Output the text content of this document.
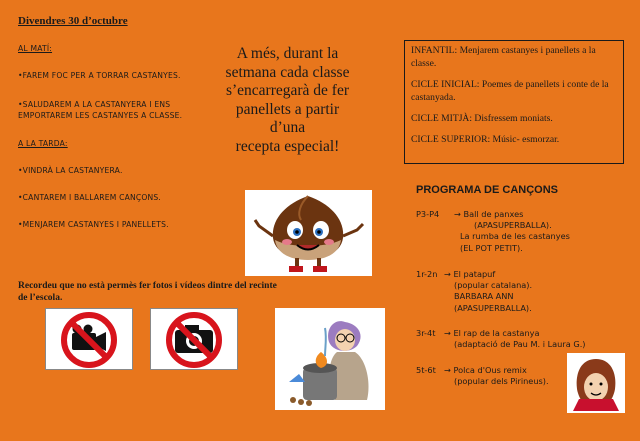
Divendres 30 d’octubre
AL MATÍ:
•FAREM FOC PER A TORRAR CASTANYES.
•SALUDAREM A LA CASTANYERA I ENS EMPORTAREM LES CASTANYES A CLASSE.
A LA TARDA:
•VINDRÀ LA CASTANYERA.
•CANTAREM I BALLAREM CANÇONS.
•MENJAREM CASTANYES I PANELLETS.
Recordeu que no està permès fer fotos i vídeos dintre del recinte de l’escola.
A més, durant la
setmana cada classe
s’encarregarà de fer
panellets a partir
d’una
recepta especial!

INFANTIL: Menjarem castanyes i panellets a la classe.

CICLE INICIAL: Poemes de panellets i conte de la castanyada.

CICLE MITJÀ: Disfressem moniats.

CICLE SUPERIOR: Músic- esmorzar.

PROGRAMA DE CANÇONS
P3-P4 → Ball de panxes
(APASUPERBALLA).
La rumba de les castanyes
(EL POT PETIT).
1r-2n → El patapuf
(popular catalana).
BARBARA ANN
(APASUPERBALLA).
3r-4t → El rap de la castanya
(adaptació de Pau M. i Laura G.)
5t-6t → Polca d'Ous remix
(popular dels Pirineus).
